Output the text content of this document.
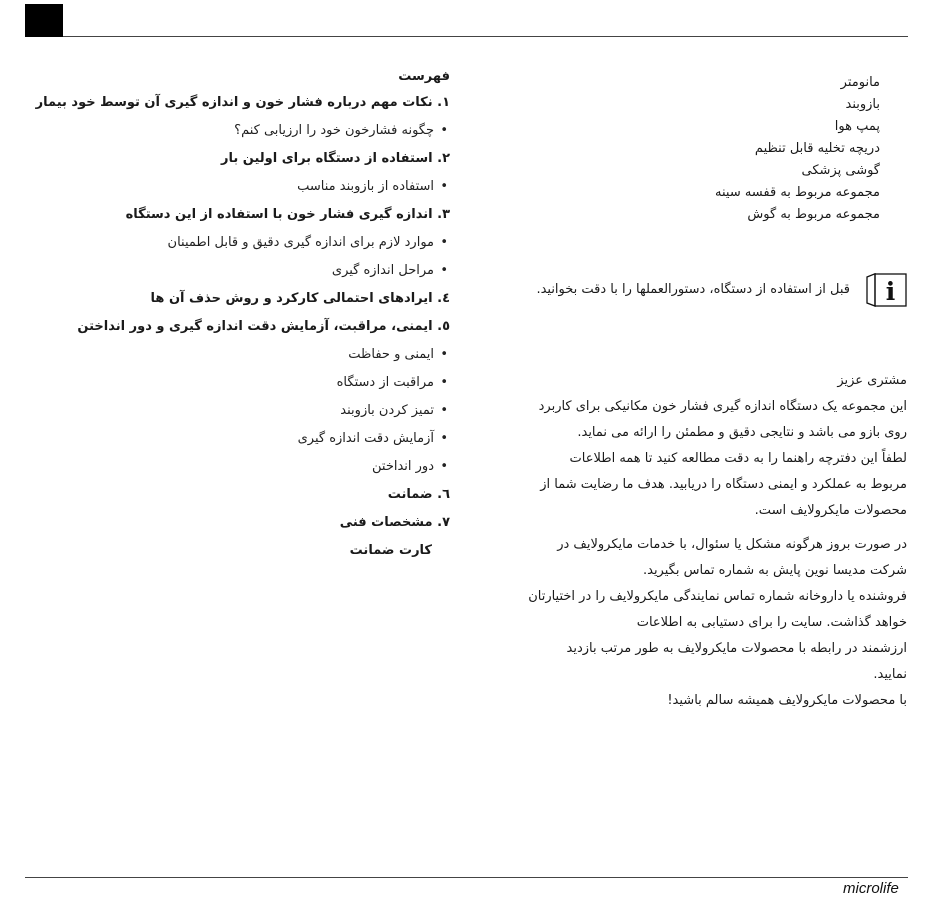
فهرست
۱. نکات مهم درباره فشار خون و اندازه گیری آن توسط خود بیمار
•چگونه فشارخون خود را ارزیابی کنم؟
۲. استفاده از دستگاه برای اولین بار
•استفاده از بازوبند مناسب
۳. اندازه گیری فشار خون با استفاده از این دستگاه
•موارد لازم برای اندازه گیری دقیق و قابل اطمینان
•مراحل اندازه گیری
٤. ایرادهای احتمالی کارکرد و روش حذف آن ها
٥. ایمنی، مراقبت، آزمایش دقت اندازه گیری و دور انداختن
•ایمنی و حفاظت
•مراقبت از دستگاه
•تمیز کردن بازوبند
•آزمایش دقت اندازه گیری
•دور انداختن
٦. ضمانت
٧. مشخصات فنی
کارت ضمانت
مانومتر
بازوبند
پمپ هوا
دریچه تخلیه قابل تنظیم
گوشی پزشکی
مجموعه مربوط به قفسه سینه
مجموعه مربوط به گوش
i
قبل از استفاده از دستگاه، دستورالعملها را با دقت بخوانید.

مشتری عزیز

این مجموعه یک دستگاه اندازه گیری فشار خون مکانیکی برای کاربرد

روی بازو می باشد و نتایجی دقیق و مطمئن را ارائه می نماید.

لطفاً این دفترچه راهنما را به دقت مطالعه کنید تا همه اطلاعات

مربوط به عملکرد و ایمنی دستگاه را دریابید. هدف ما رضایت شما از

محصولات مایکرولایف است.

در صورت بروز هرگونه مشکل یا سئوال، با خدمات مایکرولایف در

شرکت مدیسا نوین پایش به شماره تماس بگیرید.

فروشنده یا داروخانه شماره تماس نمایندگی مایکرولایف را در اختیارتان

خواهد گذاشت. سایت را برای دستیابی به اطلاعات

ارزشمند در رابطه با محصولات مایکرولایف به طور مرتب بازدید

نمایید.

با محصولات مایکرولایف همیشه سالم باشید!

microlife
